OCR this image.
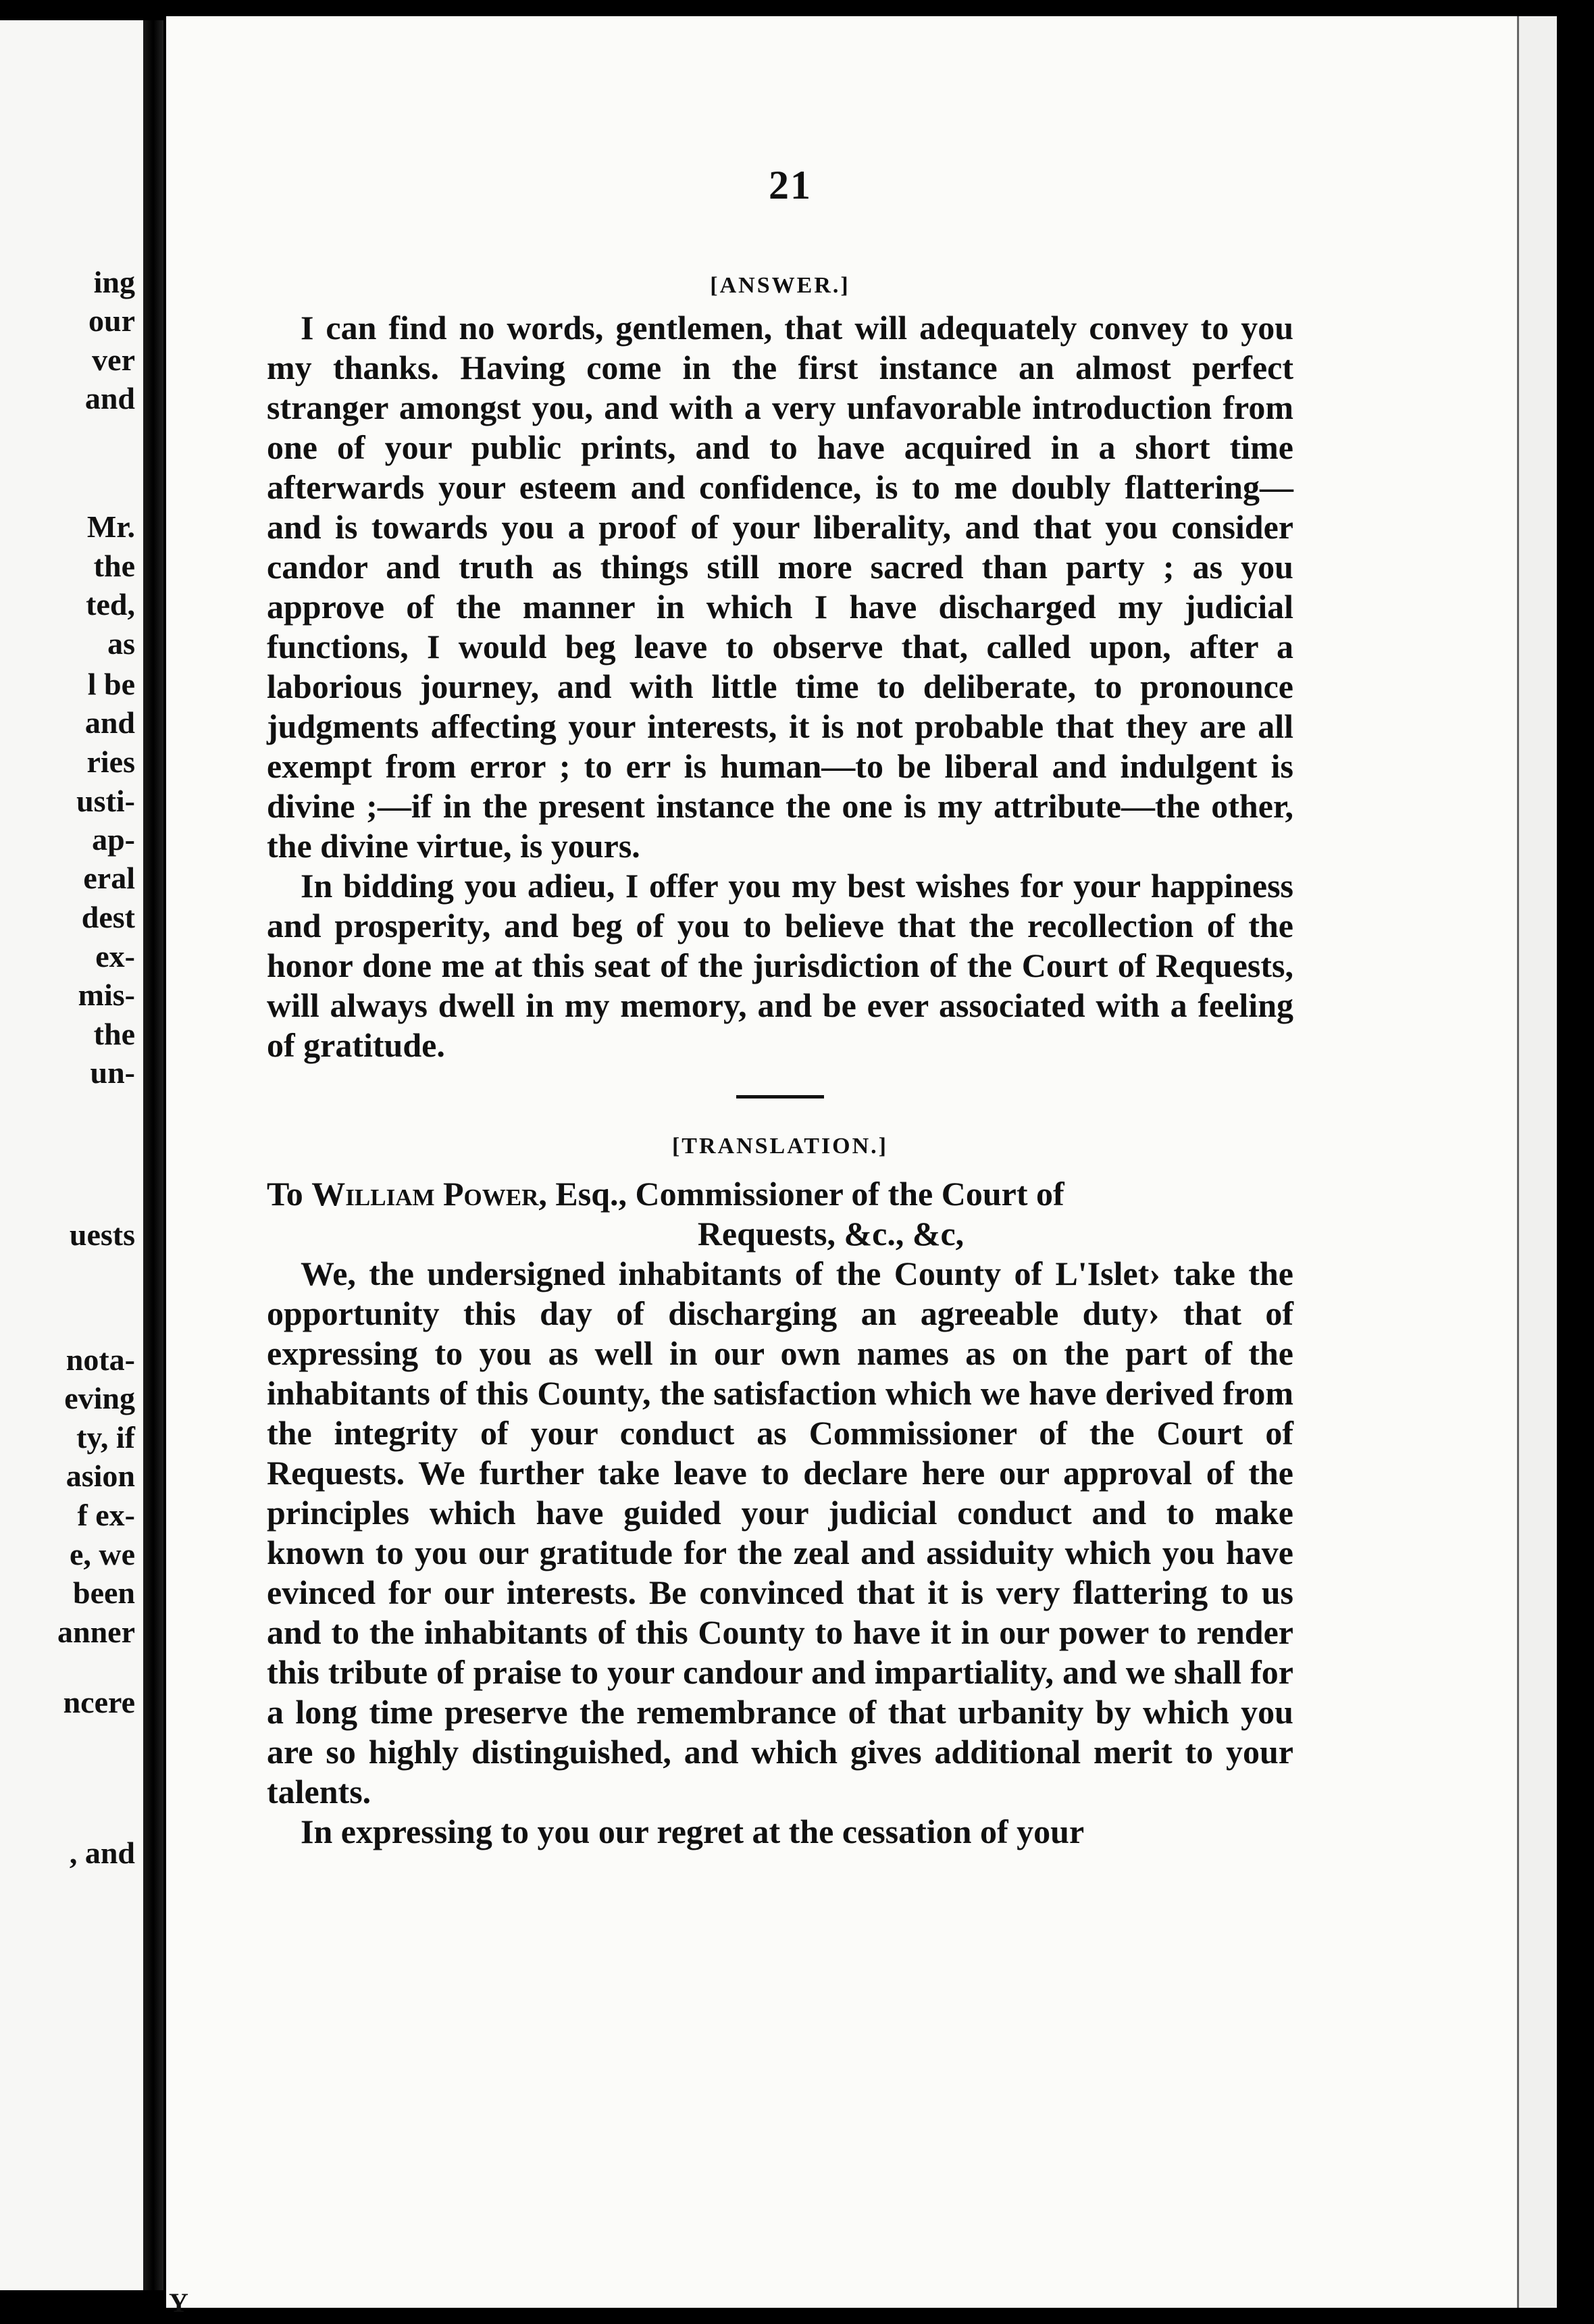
ing
our
ver
and
Mr.
the
ted,
as
l be
and
ries
usti-
ap-
eral
dest
ex-
mis-
the
un-
uests
nota-
eving
ty, if
asion
f ex-
e, we
been
anner
ncere
, and
21
[ANSWER.]

I can find no words, gentlemen, that will adequately convey to you my thanks. Having come in the first instance an almost perfect stranger amongst you, and with a very unfavorable introduction from one of your public prints, and to have acquired in a short time afterwards your esteem and confidence, is to me doubly flattering—and is towards you a proof of your liberality, and that you consider candor and truth as things still more sacred than party ; as you approve of the manner in which I have discharged my judicial functions, I would beg leave to observe that, called upon, after a laborious journey, and with little time to deliberate, to pronounce judgments affecting your interests, it is not probable that they are all exempt from error ; to err is human—to be liberal and indulgent is divine ;—if in the present instance the one is my attribute—the other, the divine virtue, is yours.

In bidding you adieu, I offer you my best wishes for your happiness and prosperity, and beg of you to believe that the recollection of the honor done me at this seat of the jurisdiction of the Court of Requests, will always dwell in my memory, and be ever associated with a feeling of gratitude.

[TRANSLATION.]

To William Power, Esq., Commissioner of the Court of

Requests, &c., &c,

We, the undersigned inhabitants of the County of L'Islet› take the opportunity this day of discharging an agreeable duty› that of expressing to you as well in our own names as on the part of the inhabitants of this County, the satisfaction which we have derived from the integrity of your conduct as Commissioner of the Court of Requests. We further take leave to declare here our approval of the principles which have guided your judicial conduct and to make known to you our gratitude for the zeal and assiduity which you have evinced for our interests. Be convinced that it is very flattering to us and to the inhabitants of this County to have it in our power to render this tribute of praise to your candour and impartiality, and we shall for a long time preserve the remembrance of that urbanity by which you are so highly distinguished, and which gives additional merit to your talents.

In expressing to you our regret at the cessation of your

Y
